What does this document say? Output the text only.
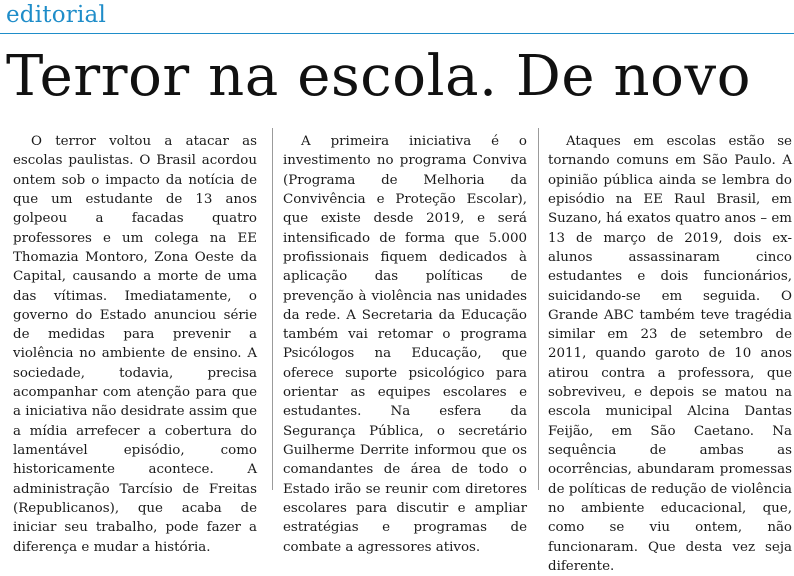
editorial
Terror na escola. De novo

O terror voltou a atacar as escolas paulistas. O Brasil acordou ontem sob o impacto da notícia de que um estudante de 13 anos golpeou a facadas quatro professores e um colega na EE Thomazia Montoro, Zona Oeste da Capital, causando a morte de uma das vítimas. Imediatamente, o governo do Estado anunciou série de medidas para prevenir a violência no ambiente de ensino. A sociedade, todavia, precisa acompanhar com atenção para que a iniciativa não desidrate assim que a mídia arrefecer a cobertura do lamentável episódio, como historicamente acontece. A administração Tarcísio de Freitas (Republicanos), que acaba de iniciar seu trabalho, pode fazer a diferença e mudar a história.

A primeira iniciativa é o investimento no programa Conviva (Programa de Melhoria da Convivência e Proteção Escolar), que existe desde 2019, e será intensificado de forma que 5.000 profissionais fiquem dedicados à aplicação das políticas de prevenção à violência nas unidades da rede. A Secretaria da Educação também vai retomar o programa Psicólogos na Educação, que oferece suporte psicológico para orientar as equipes escolares e estudantes. Na esfera da Segurança Pública, o secretário Guilherme Derrite informou que os comandantes de área de todo o Estado irão se reunir com diretores escolares para discutir e ampliar estratégias e programas de combate a agressores ativos.

Ataques em escolas estão se tornando comuns em São Paulo. A opinião pública ainda se lembra do episódio na EE Raul Brasil, em Suzano, há exatos quatro anos – em 13 de março de 2019, dois ex-alunos assassinaram cinco estudantes e dois funcionários, suicidando-se em seguida. O Grande ABC também teve tragédia similar em 23 de setembro de 2011, quando garoto de 10 anos atirou contra a professora, que sobreviveu, e depois se matou na escola municipal Alcina Dantas Feijão, em São Caetano. Na sequência de ambas as ocorrências, abundaram promessas de políticas de redução de violência no ambiente educacional, que, como se viu ontem, não funcionaram. Que desta vez seja diferente.
